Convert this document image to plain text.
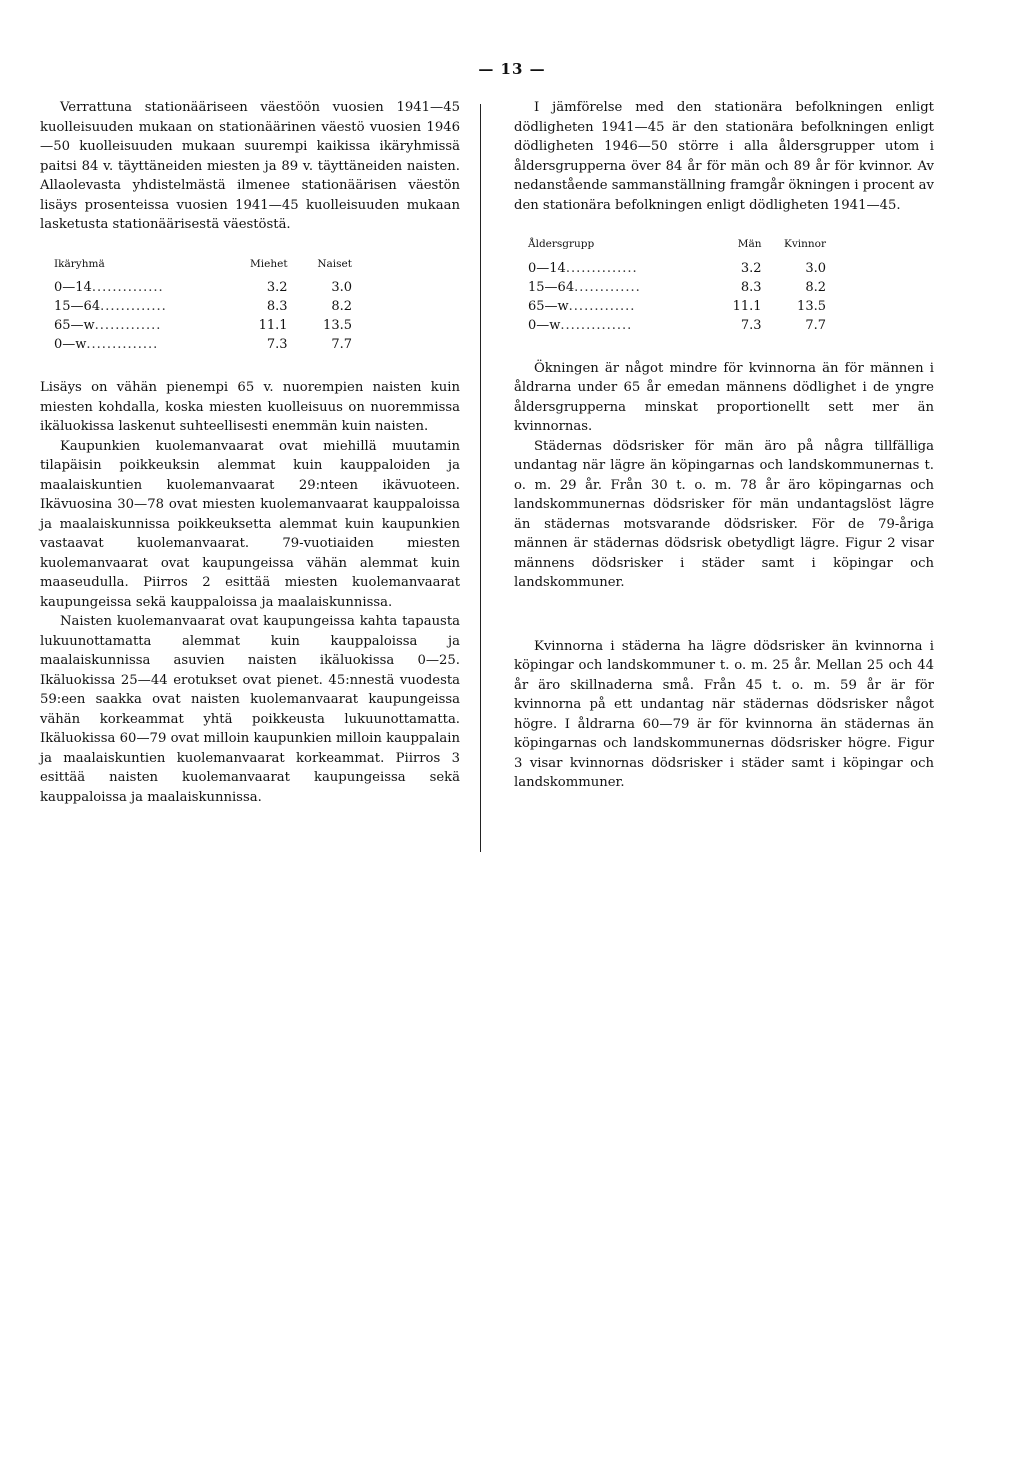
— 13 —

Verrattuna stationääriseen väestöön vuosien 1941—45 kuolleisuuden mukaan on stationäärinen väestö vuosien 1946—50 kuolleisuuden mukaan suurempi kaikissa ikäryhmissä paitsi 84 v. täyttäneiden miesten ja 89 v. täyttäneiden naisten. Allaolevasta yhdistelmästä ilmenee stationäärisen väestön lisäys prosenteissa vuosien 1941—45 kuolleisuuden mukaan lasketusta stationäärisestä väestöstä.

Ikäryhmä	Miehet	Naiset
0—14..............	3.2	3.0
15—64.............	8.3	8.2
65—w.............	11.1	13.5
0—w..............	7.3	7.7

Lisäys on vähän pienempi 65 v. nuorempien naisten kuin miesten kohdalla, koska miesten kuolleisuus on nuoremmissa ikäluokissa laskenut suhteellisesti enemmän kuin naisten.

Kaupunkien kuolemanvaarat ovat miehillä muutamin tilapäisin poikkeuksin alemmat kuin kauppaloiden ja maalaiskuntien kuolemanvaarat 29:nteen ikävuoteen. Ikävuosina 30—78 ovat miesten kuolemanvaarat kauppaloissa ja maalaiskunnissa poikkeuksetta alemmat kuin kaupunkien vastaavat kuolemanvaarat. 79-vuotiaiden miesten kuolemanvaarat ovat kaupungeissa vähän alemmat kuin maaseudulla. Piirros 2 esittää miesten kuolemanvaarat kaupungeissa sekä kauppaloissa ja maalaiskunnissa.

Naisten kuolemanvaarat ovat kaupungeissa kahta tapausta lukuunottamatta alemmat kuin kauppaloissa ja maalaiskunnissa asuvien naisten ikäluokissa 0—25. Ikäluokissa 25—44 erotukset ovat pienet. 45:nnestä vuodesta 59:een saakka ovat naisten kuolemanvaarat kaupungeissa vähän korkeammat yhtä poikkeusta lukuunottamatta. Ikäluokissa 60—79 ovat milloin kaupunkien milloin kauppalain ja maalaiskuntien kuolemanvaarat korkeammat. Piirros 3 esittää naisten kuolemanvaarat kaupungeissa sekä kauppaloissa ja maalaiskunnissa.

I jämförelse med den stationära befolkningen enligt dödligheten 1941—45 är den stationära befolkningen enligt dödligheten 1946—50 större i alla åldersgrupper utom i åldersgrupperna över 84 år för män och 89 år för kvinnor. Av nedanstående sammanställning framgår ökningen i procent av den stationära befolkningen enligt dödligheten 1941—45.

Åldersgrupp	Män	Kvinnor
0—14..............	3.2	3.0
15—64.............	8.3	8.2
65—w.............	11.1	13.5
0—w..............	7.3	7.7

Ökningen är något mindre för kvinnorna än för männen i åldrarna under 65 år emedan männens dödlighet i de yngre åldersgrupperna minskat proportionellt sett mer än kvinnornas.

Städernas dödsrisker för män äro på några tillfälliga undantag när lägre än köpingarnas och landskommunernas t. o. m. 29 år. Från 30 t. o. m. 78 år äro köpingarnas och landskommunernas dödsrisker för män undantagslöst lägre än städernas motsvarande dödsrisker. För de 79-åriga männen är städernas dödsrisk obetydligt lägre. Figur 2 visar männens dödsrisker i städer samt i köpingar och landskommuner.

Kvinnorna i städerna ha lägre dödsrisker än kvinnorna i köpingar och landskommuner t. o. m. 25 år. Mellan 25 och 44 år äro skillnaderna små. Från 45 t. o. m. 59 år är för kvinnorna på ett undantag när städernas dödsrisker något högre. I åldrarna 60—79 är för kvinnorna än städernas än köpingarnas och landskommunernas dödsrisker högre. Figur 3 visar kvinnornas dödsrisker i städer samt i köpingar och landskommuner.
